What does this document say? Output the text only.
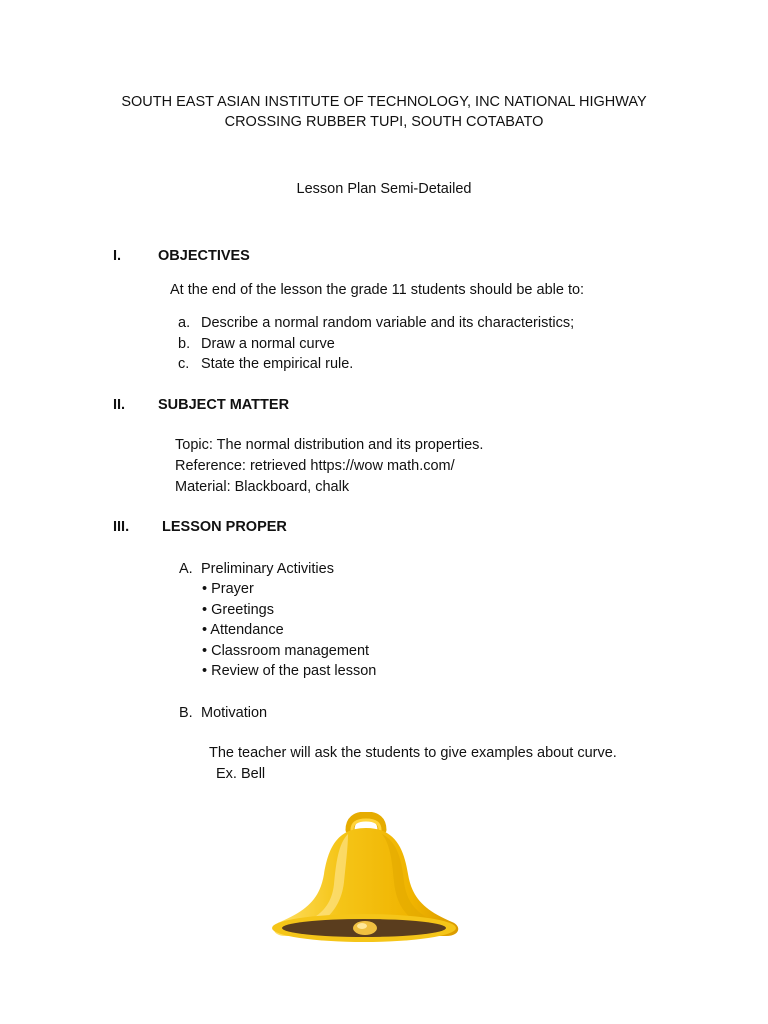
SOUTH EAST ASIAN INSTITUTE OF TECHNOLOGY, INC NATIONAL HIGHWAY
CROSSING RUBBER TUPI, SOUTH COTABATO
Lesson Plan Semi-Detailed
I.	OBJECTIVES
At the end of the lesson the grade 11 students should be able to:
a. Describe a normal random variable and its characteristics;
b. Draw a normal curve
c. State the empirical rule.
II. SUBJECT MATTER
Topic: The normal distribution and its properties.
Reference: retrieved https://wow math.com/
Material: Blackboard, chalk
III. LESSON PROPER
A. Preliminary Activities
• Prayer
• Greetings
• Attendance
• Classroom management
• Review of the past lesson
B. Motivation
The teacher will ask the students to give examples about curve.
Ex. Bell
